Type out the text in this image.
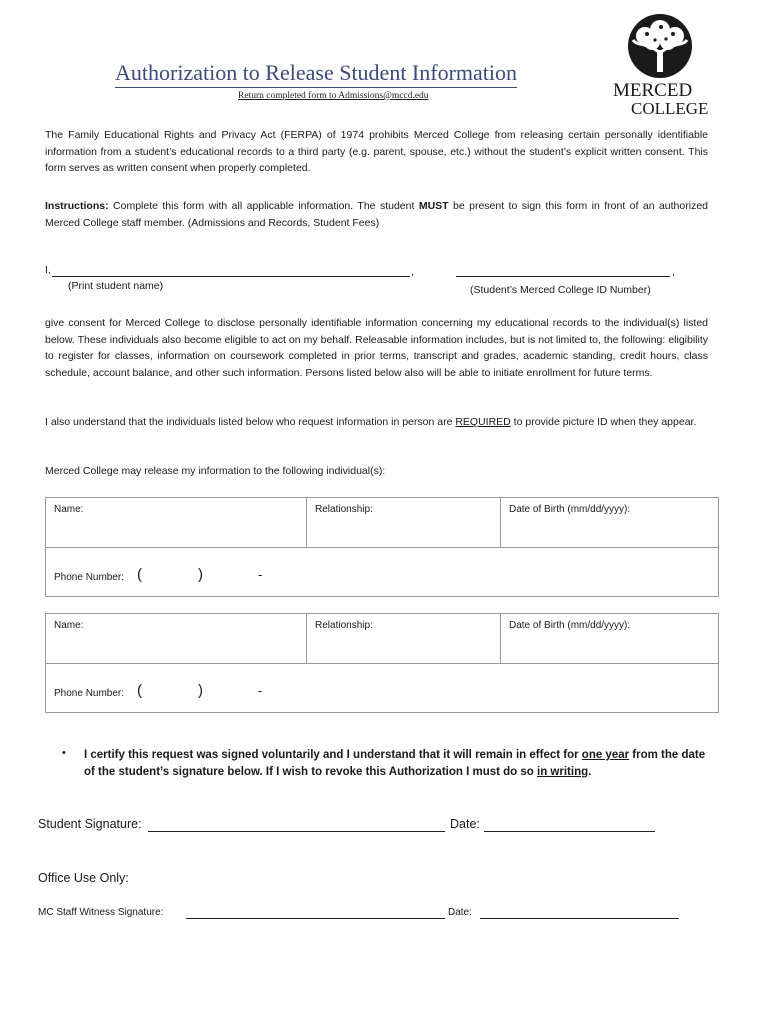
Authorization to Release Student Information
Return completed form to Admissions@mccd.edu	MERCED
COLLEGE
The Family Educational Rights and Privacy Act (FERPA) of 1974 prohibits Merced College from releasing certain personally identifiable information from a student’s educational records to a third party (e.g. parent, spouse, etc.) without the student’s explicit written consent. This form serves as written consent when properly completed.
Instructions: Complete this form with all applicable information. The student MUST be present to sign this form in front of an authorized Merced College staff member. (Admissions and Records, Student Fees)
I,	,	,
(Print student name)	(Student’s Merced College ID Number)
give consent for Merced College to disclose personally identifiable information concerning my educational records to the individual(s) listed below. These individuals also become eligible to act on my behalf. Releasable information includes, but is not limited to, the following: eligibility to register for classes, information on coursework completed in prior terms, transcript and grades, academic standing, credit hours, class schedule, account balance, and other such information. Persons listed below also will be able to initiate enrollment for future terms.
I also understand that the individuals listed below who request information in person are REQUIRED to provide picture ID when they appear.
Merced College may release my information to the following individual(s):
Name:	Relationship:	Date of Birth (mm/dd/yyyy):
Phone Number: (	)	-
Name:	Relationship:	Date of Birth (mm/dd/yyyy):
Phone Number: (	)	-
• I certify this request was signed voluntarily and I understand that it will remain in effect for one year from the date of the student’s signature below. If I wish to revoke this Authorization I must do so in writing.
Student Signature:	Date:
Office Use Only:
MC Staff Witness Signature:	Date:
